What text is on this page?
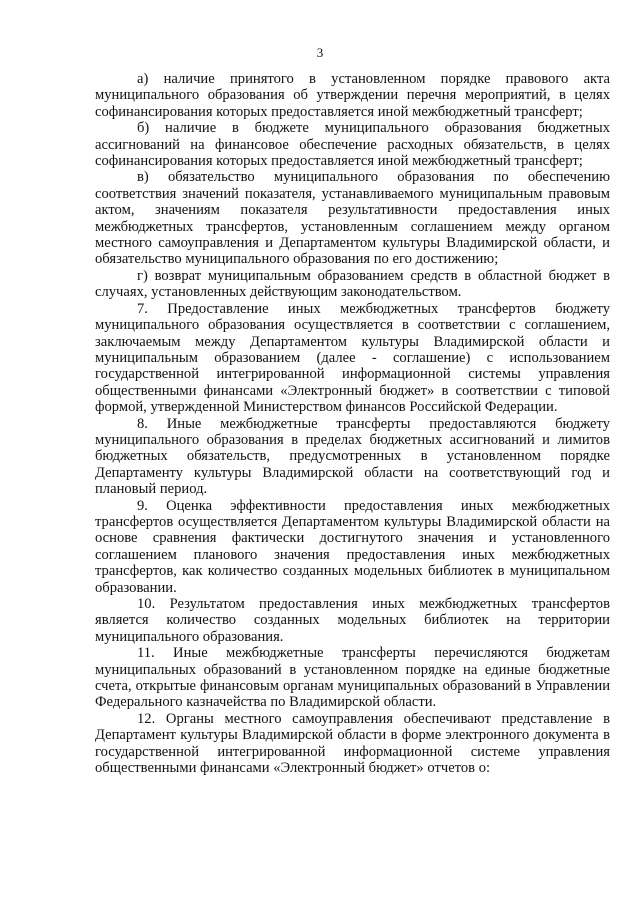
3

а) наличие принятого в установленном порядке правового акта муниципального образования об утверждении перечня мероприятий, в целях софинансирования которых предоставляется иной межбюджетный трансферт;

б) наличие в бюджете муниципального образования бюджетных ассигнований на финансовое обеспечение расходных обязательств, в целях софинансирования которых предоставляется иной межбюджетный трансферт;

в) обязательство муниципального образования по обеспечению соответствия значений показателя, устанавливаемого муниципальным правовым актом, значениям показателя результативности предоставления иных межбюджетных трансфертов, установленным соглашением между органом местного самоуправления и Департаментом культуры Владимирской области, и обязательство муниципального образования по его достижению;

г) возврат муниципальным образованием средств в областной бюджет в случаях, установленных действующим законодательством.

7. Предоставление иных межбюджетных трансфертов бюджету муниципального образования осуществляется в соответствии с соглашением, заключаемым между Департаментом культуры Владимирской области и муниципальным образованием (далее - соглашение) с использованием государственной интегрированной информационной системы управления общественными финансами «Электронный бюджет» в соответствии с типовой формой, утвержденной Министерством финансов Российской Федерации.

8. Иные межбюджетные трансферты предоставляются бюджету муниципального образования в пределах бюджетных ассигнований и лимитов бюджетных обязательств, предусмотренных в установленном порядке Департаменту культуры Владимирской области на соответствующий год и плановый период.

9. Оценка эффективности предоставления иных межбюджетных трансфертов осуществляется Департаментом культуры Владимирской области на основе сравнения фактически достигнутого значения и установленного соглашением планового значения предоставления иных межбюджетных трансфертов, как количество созданных модельных библиотек в муниципальном образовании.

10. Результатом предоставления иных межбюджетных трансфертов является количество созданных модельных библиотек на территории муниципального образования.

11. Иные межбюджетные трансферты перечисляются бюджетам муниципальных образований в установленном порядке на единые бюджетные счета, открытые финансовым органам муниципальных образований в Управлении Федерального казначейства по Владимирской области.

12. Органы местного самоуправления обеспечивают представление в Департамент культуры Владимирской области в форме электронного документа в государственной интегрированной информационной системе управления общественными финансами «Электронный бюджет» отчетов о:
